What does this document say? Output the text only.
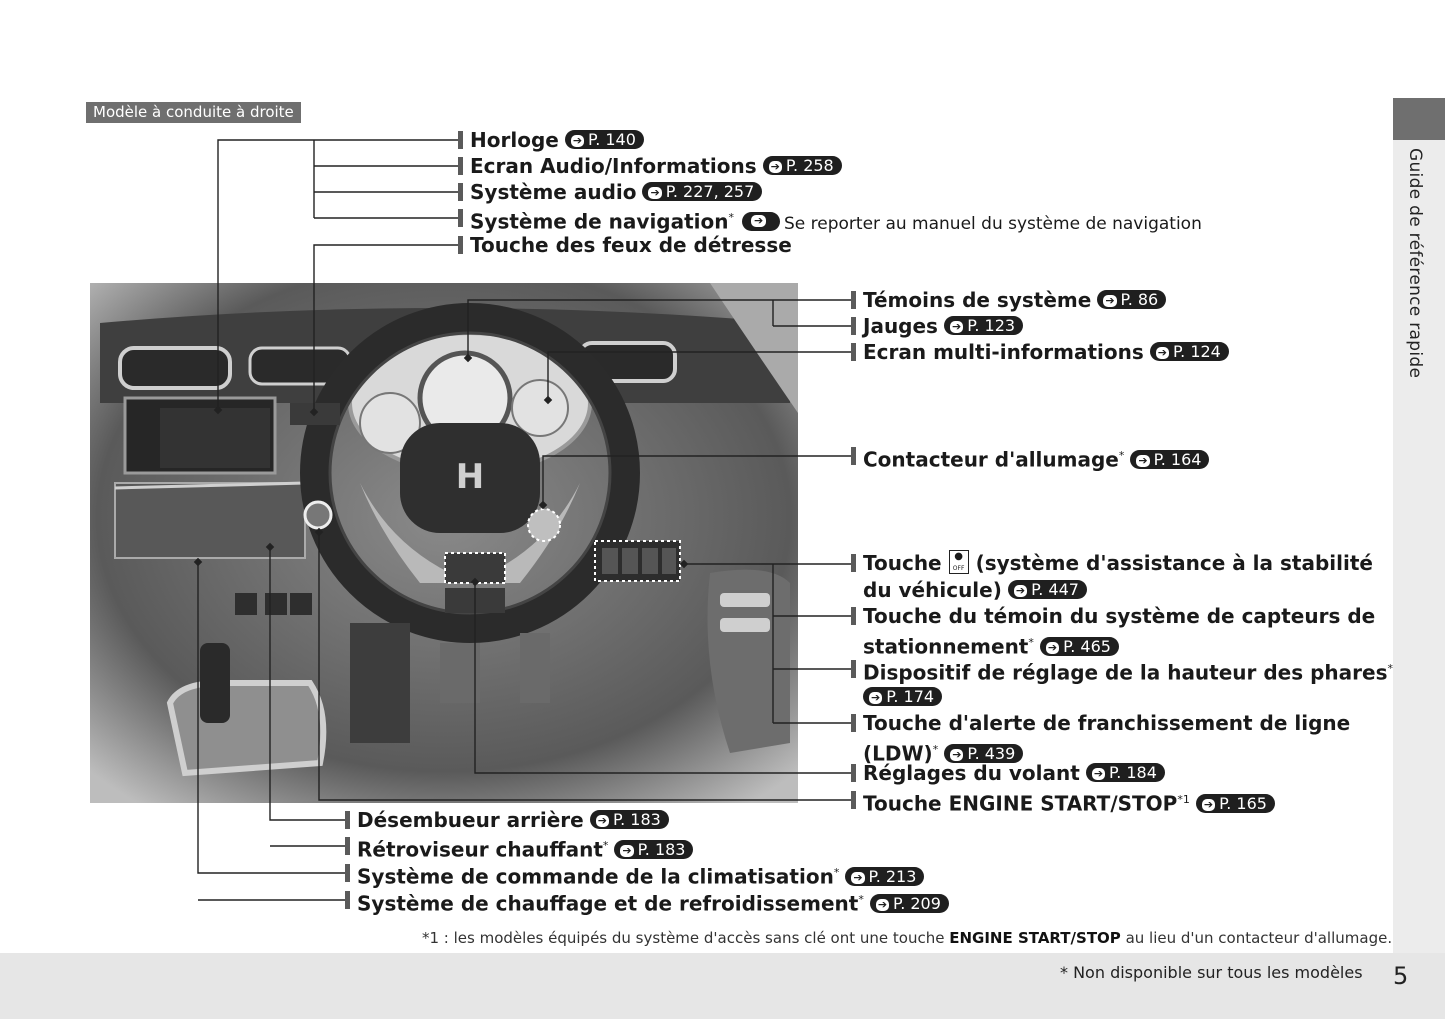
Modèle à conduite à droite
Guide de référence rapide
H
Horloge ➔ P. 140
Ecran Audio/Informations ➔ P. 258
Système audio ➔ P. 227, 257
Système de navigation* ➔ Se reporter au manuel du système de navigation
Touche des feux de détresse
Témoins de système ➔ P. 86
Jauges ➔ P. 123
Ecran multi-informations ➔ P. 124
Contacteur d'allumage* ➔ P. 164
Touche	●
OFF (système d'assistance à la stabilité
du véhicule) ➔ P. 447
Touche du témoin du système de capteurs de
stationnement* ➔ P. 465
Dispositif de réglage de la hauteur des phares*
➔ P. 174
Touche d'alerte de franchissement de ligne
(LDW)* ➔ P. 439
Réglages du volant ➔ P. 184
Touche ENGINE START/STOP$^{*1}$ ➔ P. 165
Désembueur arrière ➔ P. 183
Rétroviseur chauffant* ➔ P. 183
Système de commande de la climatisation* ➔ P. 213
Système de chauffage et de refroidissement* ➔ P. 209
*1 : les modèles équipés du système d'accès sans clé ont une touche ENGINE START/STOP au lieu d'un contacteur d'allumage.
* Non disponible sur tous les modèles 5
